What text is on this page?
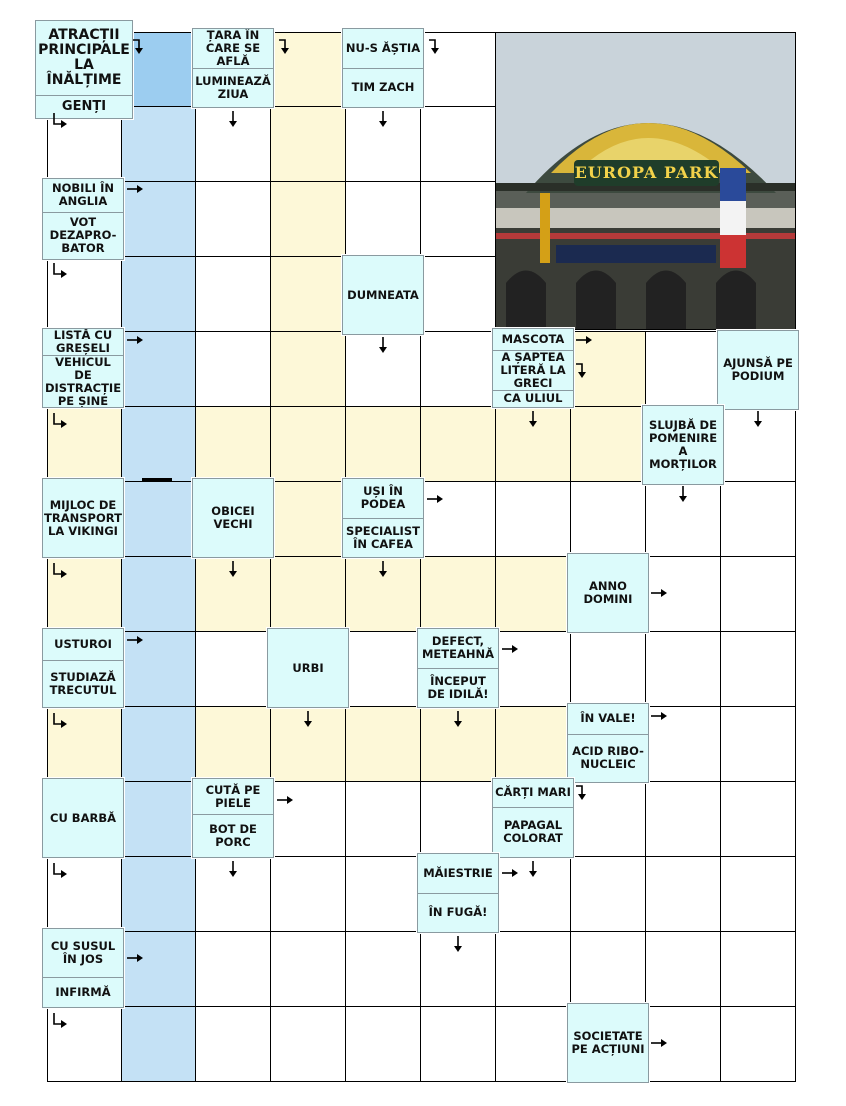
ATRACȚII PRINCIPALE LA ÎNĂLȚIME
GENȚI
ȚARA ÎN CARE SE AFLĂ
LUMINEAZĂ ZIUA
NU-S ĂȘTIA
TIM ZACH
NOBILI ÎN ANGLIA
VOT DEZAPRO-BATOR
DUMNEATA
LISTĂ CU GREȘELI
VEHICUL DE DISTRACȚIE PE ȘINE
MASCOTA
A ȘAPTEA LITERĂ LA GRECI
CA ULIUL
AJUNSĂ PE PODIUM
SLUJBĂ DE POMENIRE A MORȚILOR
MIJLOC DE TRANSPORT LA VIKINGI
OBICEI VECHI
UȘI ÎN PODEA
SPECIALIST ÎN CAFEA
ANNO DOMINI
USTUROI
STUDIAZĂ TRECUTUL
URBI
DEFECT, METEAHNĂ
ÎNCEPUT DE IDILĂ!
ÎN VALE!
ACID RIBO-NUCLEIC
CU BARBĂ
CUTĂ PE PIELE
BOT DE PORC
CĂRȚI MARI
PAPAGAL COLORAT
MĂIESTRIE
ÎN FUGĂ!
CU SUSUL ÎN JOS
INFIRMĂ
SOCIETATE PE ACȚIUNI
EUROPA PARK
